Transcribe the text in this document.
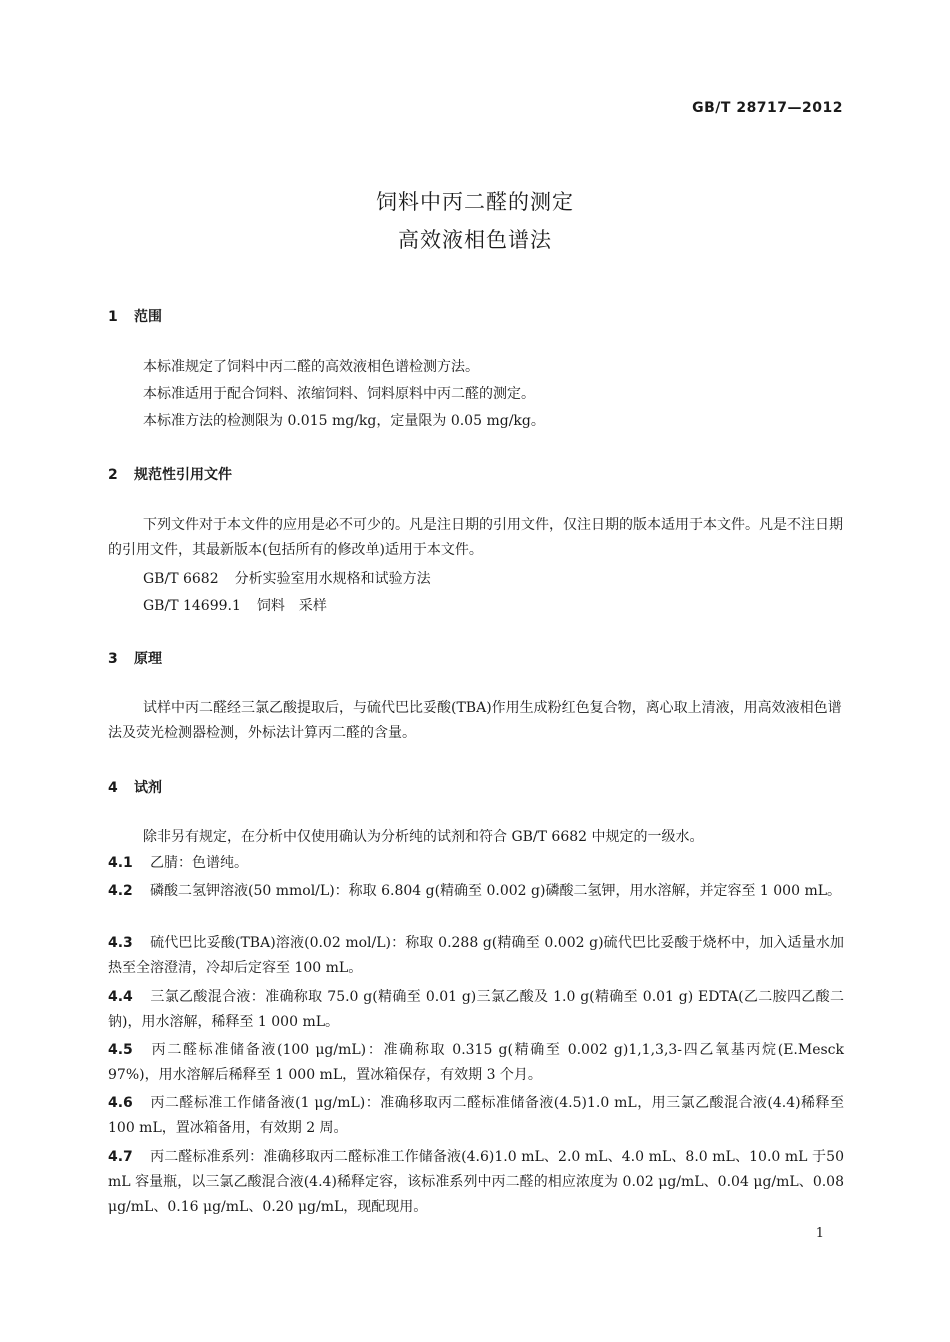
GB/T 28717—2012
饲料中丙二醛的测定
高效液相色谱法
1 范围
本标准规定了饲料中丙二醛的高效液相色谱检测方法。
本标准适用于配合饲料、浓缩饲料、饲料原料中丙二醛的测定。
本标准方法的检测限为 0.015 mg/kg，定量限为 0.05 mg/kg。
2 规范性引用文件
下列文件对于本文件的应用是必不可少的。凡是注日期的引用文件，仅注日期的版本适用于本文件。凡是不注日期的引用文件，其最新版本(包括所有的修改单)适用于本文件。
GB/T 6682 分析实验室用水规格和试验方法
GB/T 14699.1 饲料　采样
3 原理
试样中丙二醛经三氯乙酸提取后，与硫代巴比妥酸(TBA)作用生成粉红色复合物，离心取上清液，用高效液相色谱法及荧光检测器检测，外标法计算丙二醛的含量。
4 试剂
除非另有规定，在分析中仅使用确认为分析纯的试剂和符合 GB/T 6682 中规定的一级水。
4.1 乙腈：色谱纯。
4.2 磷酸二氢钾溶液(50 mmol/L)：称取 6.804 g(精确至 0.002 g)磷酸二氢钾，用水溶解，并定容至 1 000 mL。
4.3 硫代巴比妥酸(TBA)溶液(0.02 mol/L)：称取 0.288 g(精确至 0.002 g)硫代巴比妥酸于烧杯中，加入适量水加热至全溶澄清，冷却后定容至 100 mL。
4.4 三氯乙酸混合液：准确称取 75.0 g(精确至 0.01 g)三氯乙酸及 1.0 g(精确至 0.01 g) EDTA(乙二胺四乙酸二钠)，用水溶解，稀释至 1 000 mL。
4.5 丙二醛标准储备液(100 μg/mL)：准确称取 0.315 g(精确至 0.002 g)1,1,3,3-四乙氧基丙烷(E.Mesck 97%)，用水溶解后稀释至 1 000 mL，置冰箱保存，有效期 3 个月。
4.6 丙二醛标准工作储备液(1 μg/mL)：准确移取丙二醛标准储备液(4.5)1.0 mL，用三氯乙酸混合液(4.4)稀释至 100 mL，置冰箱备用，有效期 2 周。
4.7 丙二醛标准系列：准确移取丙二醛标准工作储备液(4.6)1.0 mL、2.0 mL、4.0 mL、8.0 mL、10.0 mL 于50 mL 容量瓶，以三氯乙酸混合液(4.4)稀释定容，该标准系列中丙二醛的相应浓度为 0.02 μg/mL、0.04 μg/mL、0.08 μg/mL、0.16 μg/mL、0.20 μg/mL，现配现用。
1
